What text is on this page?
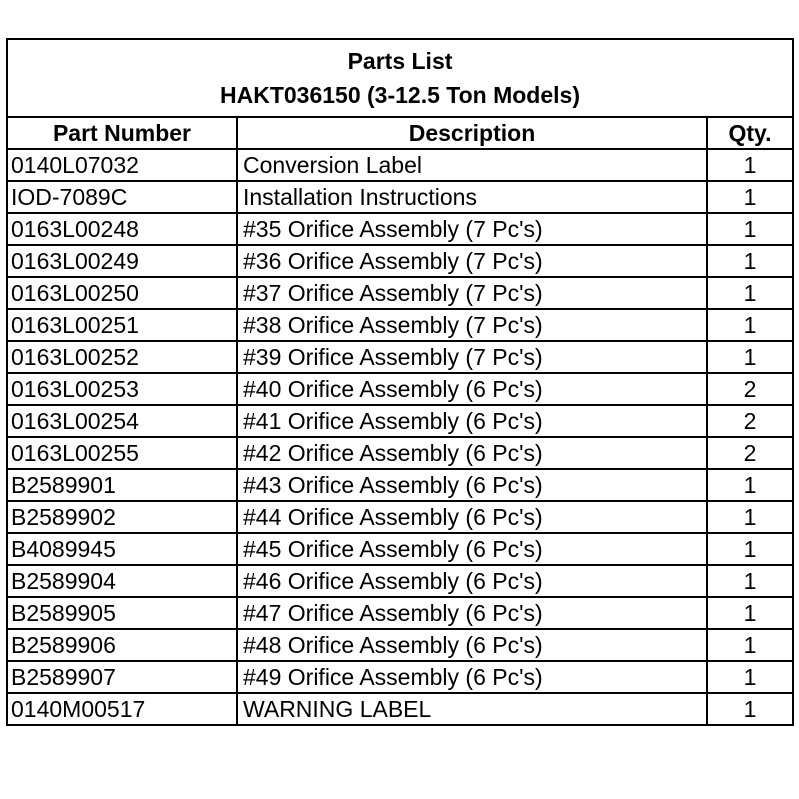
Parts List
HAKT036150 (3-12.5 Ton Models)		

Part Number	Description	Qty.
0140L07032	Conversion Label	1
IOD-7089C	Installation Instructions	1
0163L00248	#35 Orifice Assembly (7 Pc's)	1
0163L00249	#36 Orifice Assembly (7 Pc's)	1
0163L00250	#37 Orifice Assembly (7 Pc's)	1
0163L00251	#38 Orifice Assembly (7 Pc's)	1
0163L00252	#39 Orifice Assembly (7 Pc's)	1
0163L00253	#40 Orifice Assembly (6 Pc's)	2
0163L00254	#41 Orifice Assembly (6 Pc's)	2
0163L00255	#42 Orifice Assembly (6 Pc's)	2
B2589901	#43 Orifice Assembly (6 Pc's)	1
B2589902	#44 Orifice Assembly (6 Pc's)	1
B4089945	#45 Orifice Assembly (6 Pc's)	1
B2589904	#46 Orifice Assembly (6 Pc's)	1
B2589905	#47 Orifice Assembly (6 Pc's)	1
B2589906	#48 Orifice Assembly (6 Pc's)	1
B2589907	#49 Orifice Assembly (6 Pc's)	1
0140M00517	WARNING LABEL	1
